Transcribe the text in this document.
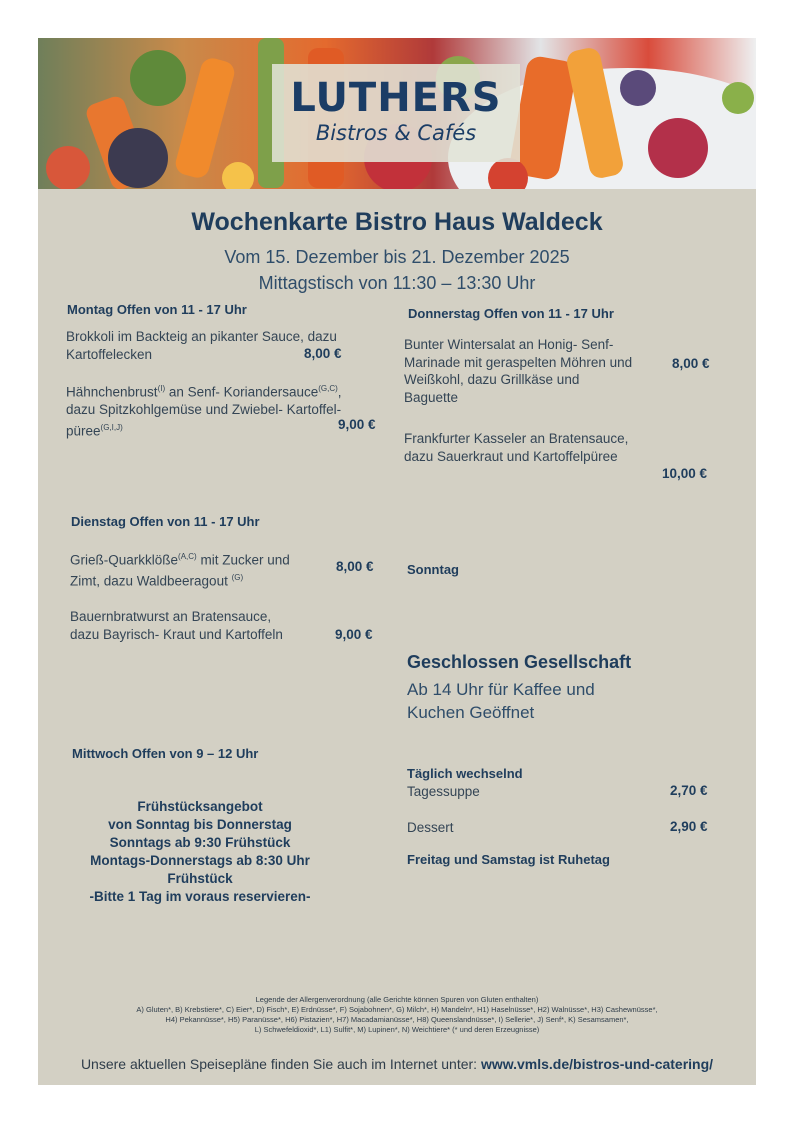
LUTHERS
Bistros & Cafés
Wochenkarte Bistro Haus Waldeck
Vom 15. Dezember bis 21. Dezember 2025
Mittagstisch von 11:30 – 13:30 Uhr
Montag Offen von 11 - 17 Uhr
Brokkoli im Backteig an pikanter Sauce, dazu
Kartoffelecken	8,00 €
Hähnchenbrust$^{(I)}$ an Senf- Koriandersauce$^{(G,C)}$,
dazu Spitzkohlgemüse und Zwiebel- Kartoffel-
püree$^{(G,I,J)}$	9,00 €
Dienstag Offen von 11 - 17 Uhr
Grieß-Quarkklöße$^{(A,C)}$ mit Zucker und
Zimt, dazu Waldbeeragout $^{(G)}$
8,00 €
Bauernbratwurst an Bratensauce,
dazu Bayrisch- Kraut und Kartoffeln	9,00 €
Mittwoch Offen von 9 – 12 Uhr
Frühstücksangebot
von Sonntag bis Donnerstag
Sonntags ab 9:30 Frühstück
Montags-Donnerstags ab 8:30 Uhr
Frühstück
-Bitte 1 Tag im voraus reservieren-
Donnerstag Offen von 11 - 17 Uhr
Bunter Wintersalat an Honig- Senf-
Marinade mit geraspelten Möhren und
Weißkohl, dazu Grillkäse und
Baguette
8,00 €
Frankfurter Kasseler an Bratensauce,
dazu Sauerkraut und Kartoffelpüree
10,00 €
Sonntag
Geschlossen Gesellschaft
Ab 14 Uhr für Kaffee und
Kuchen Geöffnet
Täglich wechselnd
Tagessuppe	2,70 €
Dessert	2,90 €
Freitag und Samstag ist Ruhetag
Legende der Allergenverordnung (alle Gerichte können Spuren von Gluten enthalten)
A) Gluten*, B) Krebstiere*, C) Eier*, D) Fisch*, E) Erdnüsse*, F) Sojabohnen*, G) Milch*, H) Mandeln*, H1) Haselnüsse*, H2) Walnüsse*, H3) Cashewnüsse*,
H4) Pekannüsse*, H5) Paranüsse*, H6) Pistazien*, H7) Macadamianüsse*, H8) Queenslandnüsse*, I) Sellerie*, J) Senf*, K) Sesamsamen*,
L) Schwefeldioxid*, L1) Sulfit*, M) Lupinen*, N) Weichtiere* (* und deren Erzeugnisse)
Unsere aktuellen Speisepläne finden Sie auch im Internet unter: www.vmls.de/bistros-und-catering/
